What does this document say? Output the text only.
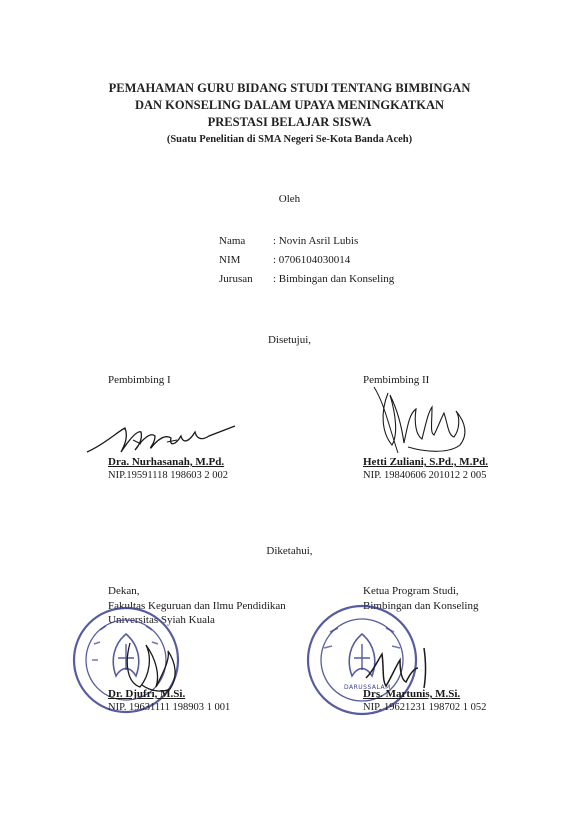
PEMAHAMAN GURU BIDANG STUDI TENTANG BIMBINGAN
DAN KONSELING DALAM UPAYA MENINGKATKAN
PRESTASI BELAJAR SISWA
(Suatu Penelitian di SMA Negeri Se-Kota Banda Aceh)
Oleh
Nama	: Novin Asril Lubis
NIM	: 0706104030014
Jurusan : Bimbingan dan Konseling
Disetujui,
Pembimbing I	Pembimbing II
Dra. Nurhasanah, M.Pd.
NIP.19591118 198603 2 002
Hetti Zuliani, S.Pd., M.Pd.
NIP. 19840606 201012 2 005
Diketahui,
Dekan,
Fakultas Keguruan dan Ilmu Pendidikan
Universitas Syiah Kuala
Ketua Program Studi,
Bimbingan dan Konseling
DARUSSALAM
Dr. Djufri, M.Si.
NIP. 19631111 198903 1 001
Drs. Martunis, M.Si.
NIP. 19621231 198702 1 052
